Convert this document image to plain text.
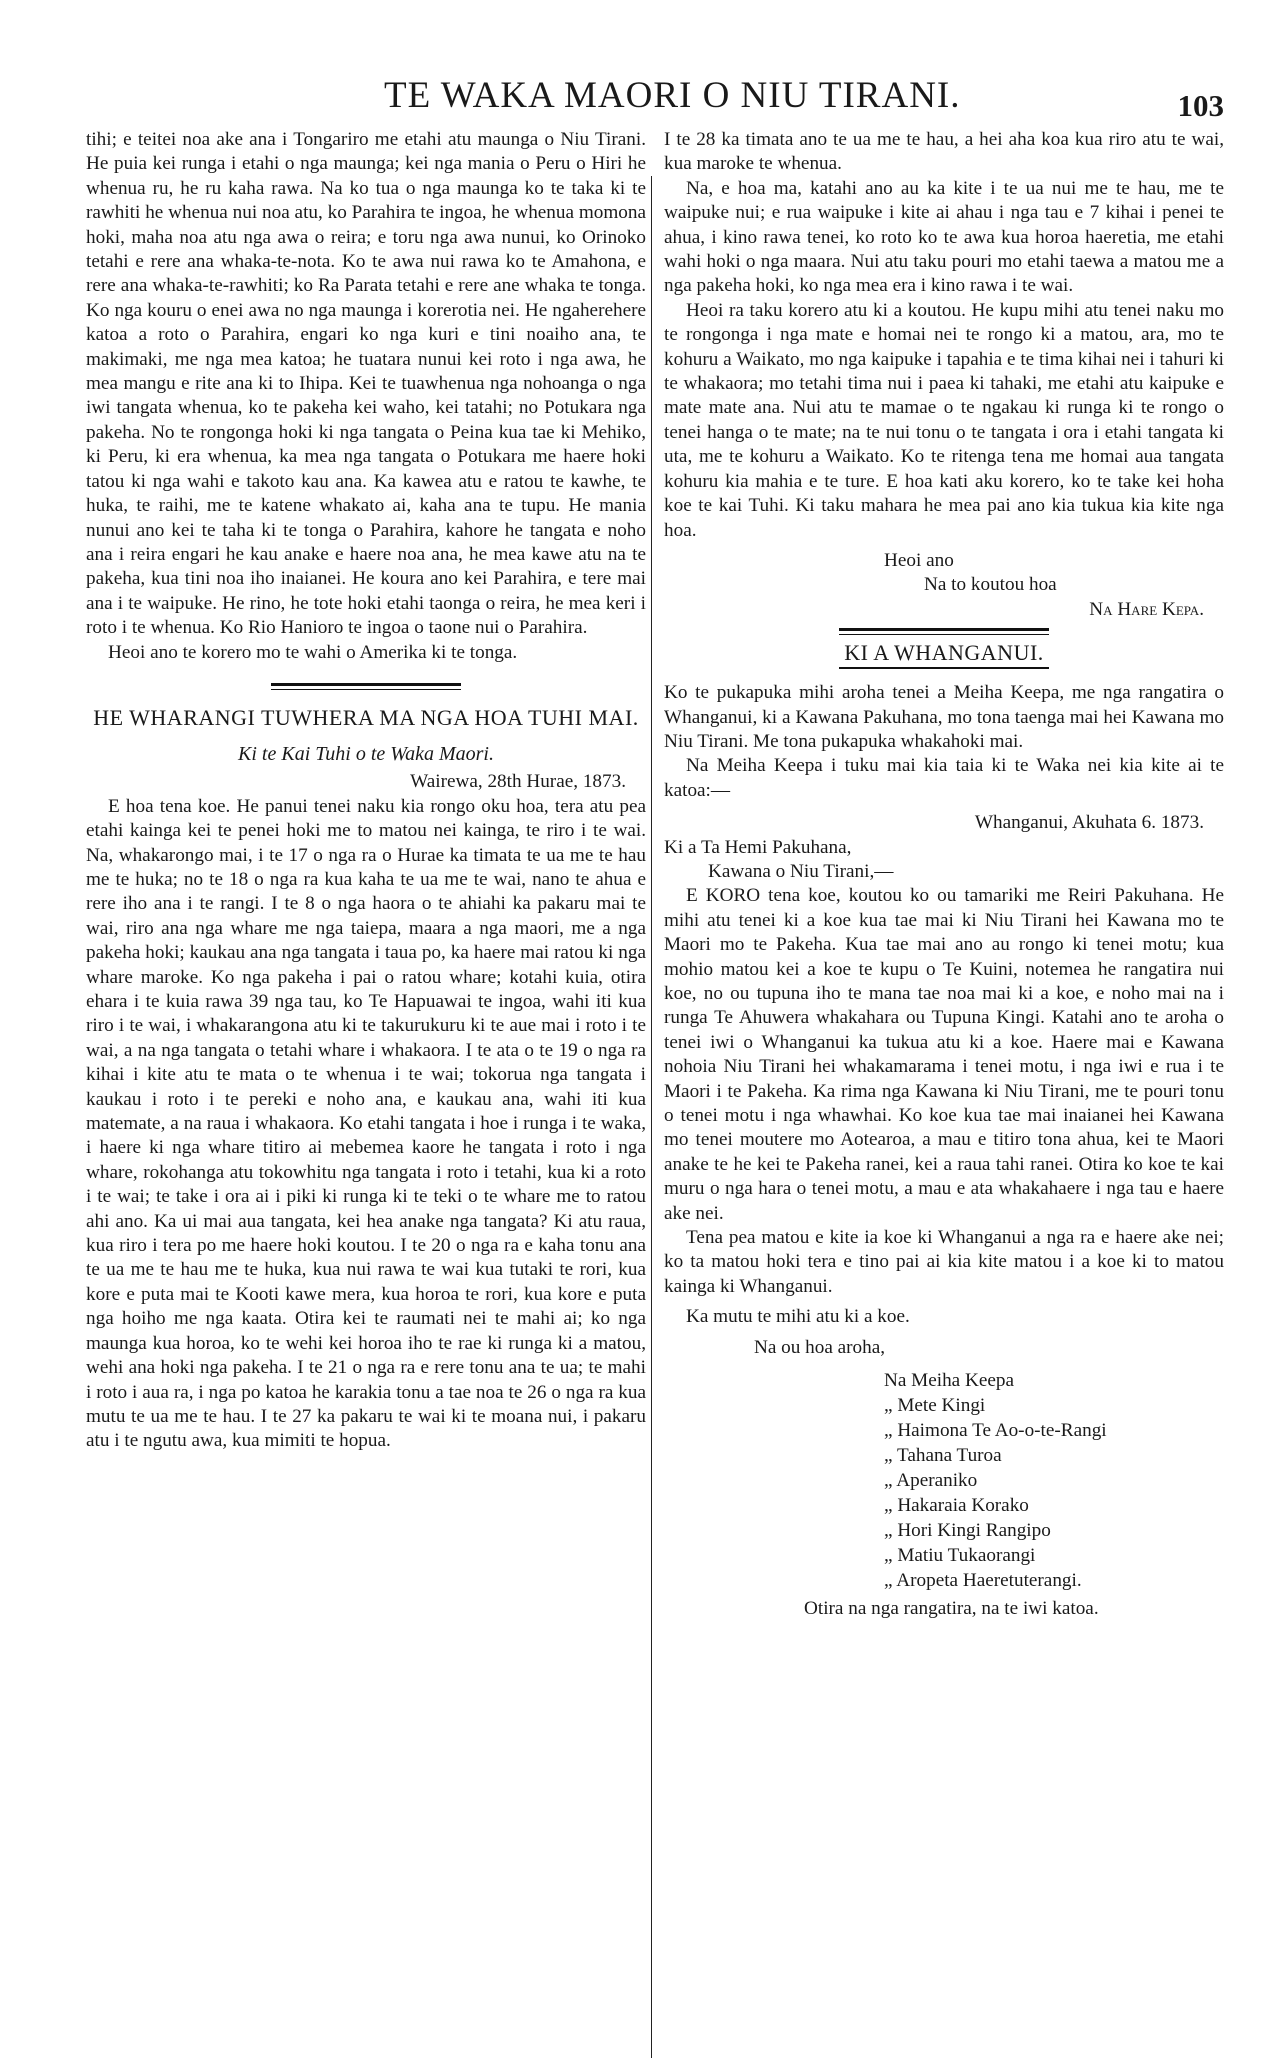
TE WAKA MAORI O NIU TIRANI.	103

tihi; e teitei noa ake ana i Tongariro me etahi atu maunga o Niu Tirani. He puia kei runga i etahi o nga maunga; kei nga mania o Peru o Hiri he whenua ru, he ru kaha rawa. Na ko tua o nga maunga ko te taka ki te rawhiti he whenua nui noa atu, ko Parahira te ingoa, he whenua momona hoki, maha noa atu nga awa o reira; e toru nga awa nunui, ko Orinoko tetahi e rere ana whaka-te-nota. Ko te awa nui rawa ko te Amahona, e rere ana whaka-te-rawhiti; ko Ra Parata tetahi e rere ane whaka te tonga. Ko nga kouru o enei awa no nga maunga i korerotia nei. He ngaherehere katoa a roto o Parahira, engari ko nga kuri e tini noaiho ana, te makimaki, me nga mea katoa; he tuatara nunui kei roto i nga awa, he mea mangu e rite ana ki to Ihipa. Kei te tuawhenua nga nohoanga o nga iwi tangata whenua, ko te pakeha kei waho, kei tatahi; no Potukara nga pakeha. No te rongonga hoki ki nga tangata o Peina kua tae ki Mehiko, ki Peru, ki era whenua, ka mea nga tangata o Potukara me haere hoki tatou ki nga wahi e takoto kau ana. Ka kawea atu e ratou te kawhe, te huka, te raihi, me te katene whakato ai, kaha ana te tupu. He mania nunui ano kei te taha ki te tonga o Parahira, kahore he tangata e noho ana i reira engari he kau anake e haere noa ana, he mea kawe atu na te pakeha, kua tini noa iho inaianei. He koura ano kei Parahira, e tere mai ana i te waipuke. He rino, he tote hoki etahi taonga o reira, he mea keri i roto i te whenua. Ko Rio Hanioro te ingoa o taone nui o Parahira.

Heoi ano te korero mo te wahi o Amerika ki te tonga.

HE WHARANGI TUWHERA MA NGA HOA TUHI MAI.
Ki te Kai Tuhi o te Waka Maori.
Wairewa, 28th Hurae, 1873.

E hoa tena koe. He panui tenei naku kia rongo oku hoa, tera atu pea etahi kainga kei te penei hoki me to matou nei kainga, te riro i te wai. Na, whakarongo mai, i te 17 o nga ra o Hurae ka timata te ua me te hau me te huka; no te 18 o nga ra kua kaha te ua me te wai, nano te ahua e rere iho ana i te rangi. I te 8 o nga haora o te ahiahi ka pakaru mai te wai, riro ana nga whare me nga taiepa, maara a nga maori, me a nga pakeha hoki; kaukau ana nga tangata i taua po, ka haere mai ratou ki nga whare maroke. Ko nga pakeha i pai o ratou whare; kotahi kuia, otira ehara i te kuia rawa 39 nga tau, ko Te Hapuawai te ingoa, wahi iti kua riro i te wai, i whakarangona atu ki te takurukuru ki te aue mai i roto i te wai, a na nga tangata o tetahi whare i whakaora. I te ata o te 19 o nga ra kihai i kite atu te mata o te whenua i te wai; tokorua nga tangata i kaukau i roto i te pereki e noho ana, e kaukau ana, wahi iti kua matemate, a na raua i whakaora. Ko etahi tangata i hoe i runga i te waka, i haere ki nga whare titiro ai mebemea kaore he tangata i roto i nga whare, rokohanga atu tokowhitu nga tangata i roto i tetahi, kua ki a roto i te wai; te take i ora ai i piki ki runga ki te teki o te whare me to ratou ahi ano. Ka ui mai aua tangata, kei hea anake nga tangata? Ki atu raua, kua riro i tera po me haere hoki koutou. I te 20 o nga ra e kaha tonu ana te ua me te hau me te huka, kua nui rawa te wai kua tutaki te rori, kua kore e puta mai te Kooti kawe mera, kua horoa te rori, kua kore e puta nga hoiho me nga kaata. Otira kei te raumati nei te mahi ai; ko nga maunga kua horoa, ko te wehi kei horoa iho te rae ki runga ki a matou, wehi ana hoki nga pakeha. I te 21 o nga ra e rere tonu ana te ua; te mahi i roto i aua ra, i nga po katoa he karakia tonu a tae noa te 26 o nga ra kua mutu te ua me te hau. I te 27 ka pakaru te wai ki te moana nui, i pakaru atu i te ngutu awa, kua mimiti te hopua.

I te 28 ka timata ano te ua me te hau, a hei aha koa kua riro atu te wai, kua maroke te whenua.

Na, e hoa ma, katahi ano au ka kite i te ua nui me te hau, me te waipuke nui; e rua waipuke i kite ai ahau i nga tau e 7 kihai i penei te ahua, i kino rawa tenei, ko roto ko te awa kua horoa haeretia, me etahi wahi hoki o nga maara. Nui atu taku pouri mo etahi taewa a matou me a nga pakeha hoki, ko nga mea era i kino rawa i te wai.

Heoi ra taku korero atu ki a koutou. He kupu mihi atu tenei naku mo te rongonga i nga mate e homai nei te rongo ki a matou, ara, mo te kohuru a Waikato, mo nga kaipuke i tapahia e te tima kihai nei i tahuri ki te whakaora; mo tetahi tima nui i paea ki tahaki, me etahi atu kaipuke e mate mate ana. Nui atu te mamae o te ngakau ki runga ki te rongo o tenei hanga o te mate; na te nui tonu o te tangata i ora i etahi tangata ki uta, me te kohuru a Waikato. Ko te ritenga tena me homai aua tangata kohuru kia mahia e te ture. E hoa kati aku korero, ko te take kei hoha koe te kai Tuhi. Ki taku mahara he mea pai ano kia tukua kia kite nga hoa.

Heoi ano
Na to koutou hoa
Na Hare Kepa.
KI A WHANGANUI.

Ko te pukapuka mihi aroha tenei a Meiha Keepa, me nga rangatira o Whanganui, ki a Kawana Pakuhana, mo tona taenga mai hei Kawana mo Niu Tirani. Me tona pukapuka whakahoki mai.

Na Meiha Keepa i tuku mai kia taia ki te Waka nei kia kite ai te katoa:—

Whanganui, Akuhata 6. 1873.
Ki a Ta Hemi Pakuhana,
Kawana o Niu Tirani,—

E KORO tena koe, koutou ko ou tamariki me Reiri Pakuhana. He mihi atu tenei ki a koe kua tae mai ki Niu Tirani hei Kawana mo te Maori mo te Pakeha. Kua tae mai ano au rongo ki tenei motu; kua mohio matou kei a koe te kupu o Te Kuini, notemea he rangatira nui koe, no ou tupuna iho te mana tae noa mai ki a koe, e noho mai na i runga Te Ahuwera whakahara ou Tupuna Kingi. Katahi ano te aroha o tenei iwi o Whanganui ka tukua atu ki a koe. Haere mai e Kawana nohoia Niu Tirani hei whakamarama i tenei motu, i nga iwi e rua i te Maori i te Pakeha. Ka rima nga Kawana ki Niu Tirani, me te pouri tonu o tenei motu i nga whawhai. Ko koe kua tae mai inaianei hei Kawana mo tenei moutere mo Aotearoa, a mau e titiro tona ahua, kei te Maori anake te he kei te Pakeha ranei, kei a raua tahi ranei. Otira ko koe te kai muru o nga hara o tenei motu, a mau e ata whakahaere i nga tau e haere ake nei.

Tena pea matou e kite ia koe ki Whanganui a nga ra e haere ake nei; ko ta matou hoki tera e tino pai ai kia kite matou i a koe ki to matou kainga ki Whanganui.

Ka mutu te mihi atu ki a koe.

Na ou hoa aroha,
Na Meiha Keepa
„ Mete Kingi
„ Haimona Te Ao-o-te-Rangi
„ Tahana Turoa
„ Aperaniko
„ Hakaraia Korako
„ Hori Kingi Rangipo
„ Matiu Tukaorangi
„ Aropeta Haeretuterangi.
Otira na nga rangatira, na te iwi katoa.
